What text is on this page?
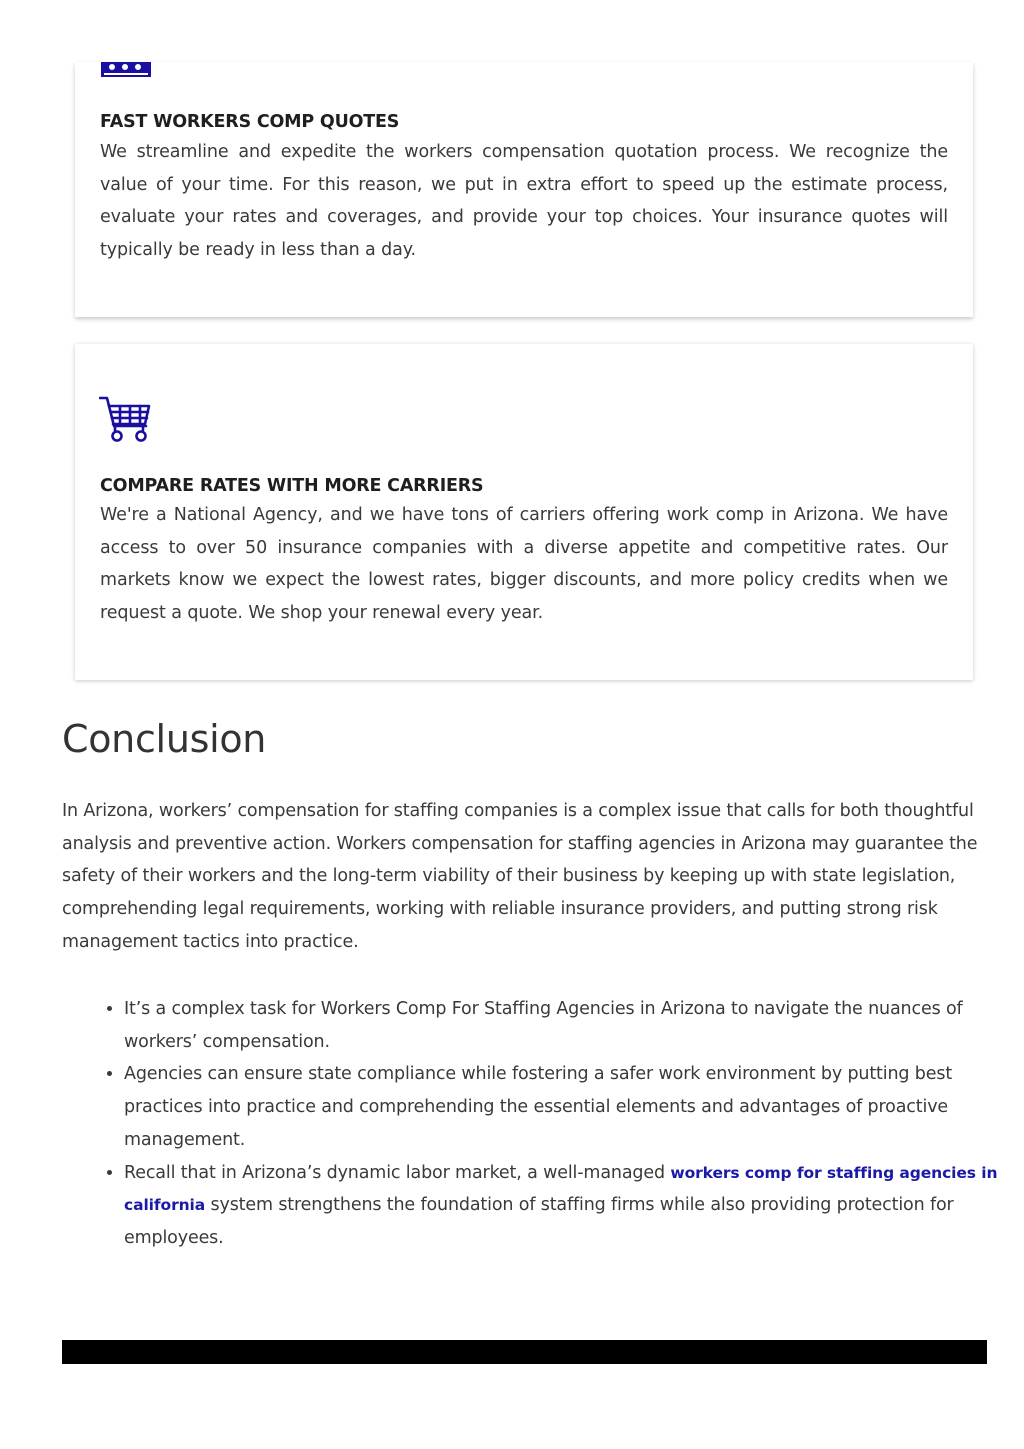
FAST WORKERS COMP QUOTES
We streamline and expedite the workers compensation quotation process. We recognize the value of your time. For this reason, we put in extra effort to speed up the estimate process, evaluate your rates and coverages, and provide your top choices. Your insurance quotes will typically be ready in less than a day.
COMPARE RATES WITH MORE CARRIERS
We're a National Agency, and we have tons of carriers offering work comp in Arizona. We have access to over 50 insurance companies with a diverse appetite and competitive rates. Our markets know we expect the lowest rates, bigger discounts, and more policy credits when we request a quote. We shop your renewal every year.
Conclusion

In Arizona, workers’ compensation for staffing companies is a complex issue that calls for both thoughtful analysis and preventive action. Workers compensation for staffing agencies in Arizona may guarantee the safety of their workers and the long-term viability of their business by keeping up with state legislation, comprehending legal requirements, working with reliable insurance providers, and putting strong risk management tactics into practice.

• It’s a complex task for Workers Comp For Staffing Agencies in Arizona to navigate the nuances of workers’ compensation.
• Agencies can ensure state compliance while fostering a safer work environment by putting best practices into practice and comprehending the essential elements and advantages of proactive management.
• Recall that in Arizona’s dynamic labor market, a well-managed workers comp for staffing agencies in california system strengthens the foundation of staffing firms while also providing protection for employees.
